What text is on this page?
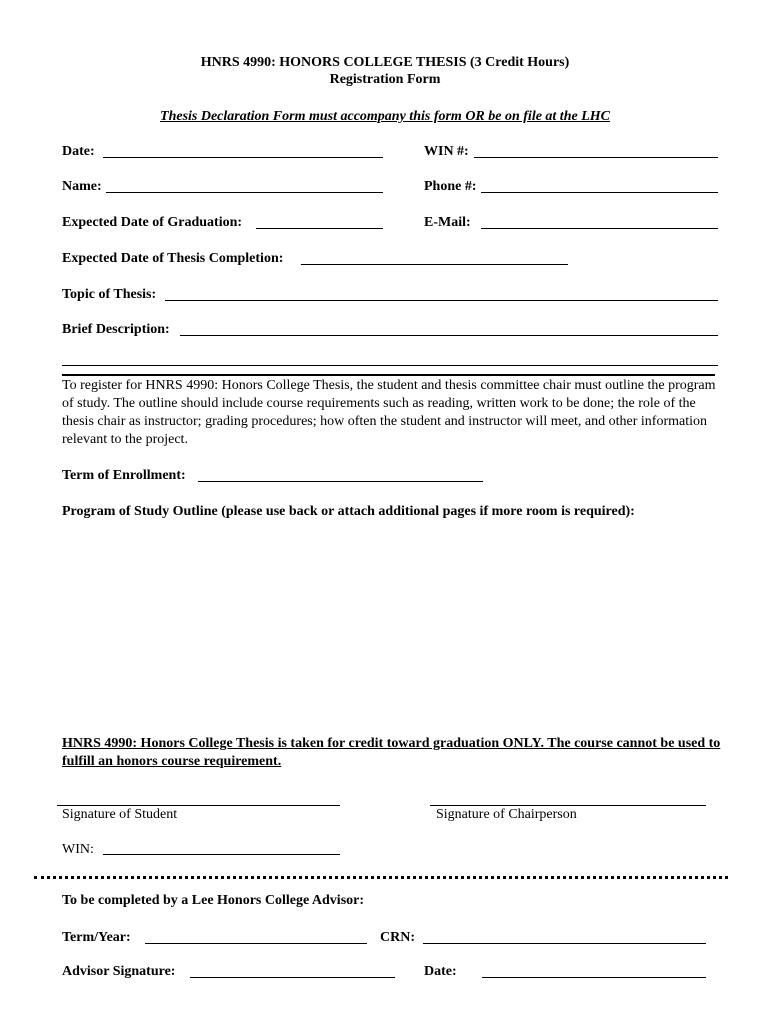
HNRS 4990: HONORS COLLEGE THESIS (3 Credit Hours)
Registration Form
Thesis Declaration Form must accompany this form OR be on file at the LHC
Date:	WIN #:
Name:	Phone #:
Expected Date of Graduation:	E-Mail:
Expected Date of Thesis Completion:
Topic of Thesis:
Brief Description:
To register for HNRS 4990: Honors College Thesis, the student and thesis committee chair must outline the program of study. The outline should include course requirements such as reading, written work to be done; the role of the thesis chair as instructor; grading procedures; how often the student and instructor will meet, and other information relevant to the project.
Term of Enrollment:
Program of Study Outline (please use back or attach additional pages if more room is required):
HNRS 4990: Honors College Thesis is taken for credit toward graduation ONLY. The course cannot be used to fulfill an honors course requirement.
Signature of Student	Signature of Chairperson
WIN:
To be completed by a Lee Honors College Advisor:
Term/Year:	CRN:
Advisor Signature:	Date:
